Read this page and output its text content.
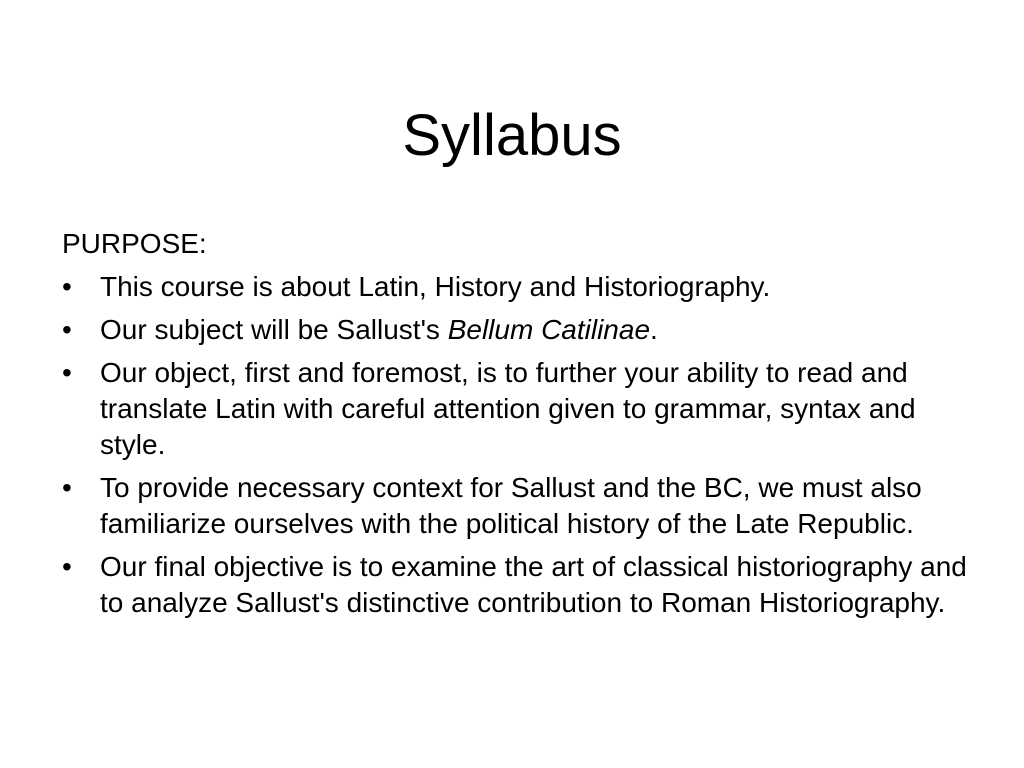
Syllabus

PURPOSE:

• This course is about Latin, History and Historiography.
• Our subject will be Sallust's Bellum Catilinae.
• Our object, first and foremost, is to further your ability to read and translate Latin with careful attention given to grammar, syntax and style.
• To provide necessary context for Sallust and the BC, we must also familiarize ourselves with the political history of the Late Republic.
• Our final objective is to examine the art of classical historiography and to analyze Sallust's distinctive contribution to Roman Historiography.
